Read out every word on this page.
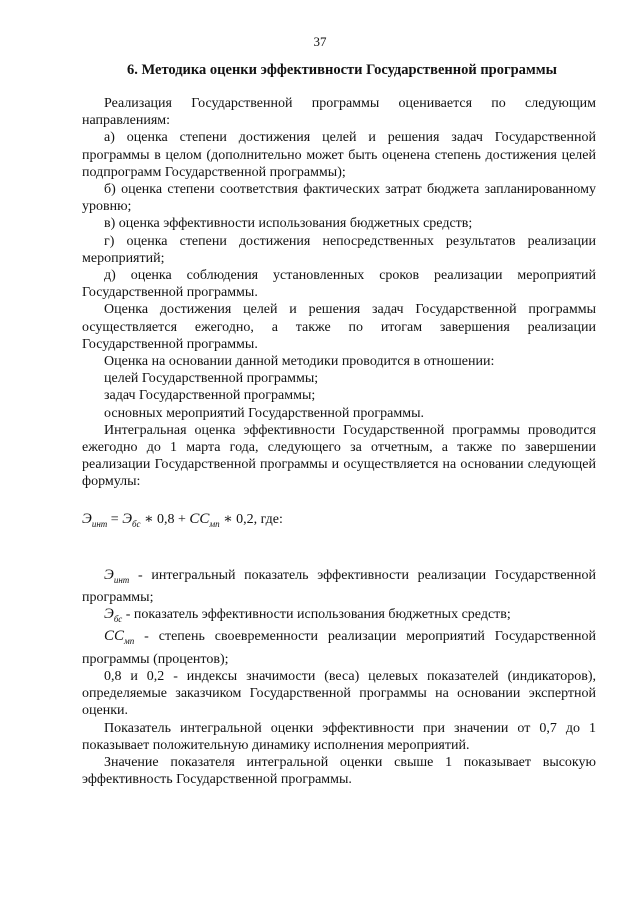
37
6. Методика оценки эффективности Государственной программы

Реализация Государственной программы оценивается по следующим направлениям:

а) оценка степени достижения целей и решения задач Государственной программы в целом (дополнительно может быть оценена степень достижения целей подпрограмм Государственной программы);

б) оценка степени соответствия фактических затрат бюджета запланированному уровню;

в) оценка эффективности использования бюджетных средств;

г) оценка степени достижения непосредственных результатов реализации мероприятий;

д) оценка соблюдения установленных сроков реализации мероприятий Государственной программы.

Оценка достижения целей и решения задач Государственной программы осуществляется ежегодно, а также по итогам завершения реализации Государственной программы.

Оценка на основании данной методики проводится в отношении:

целей Государственной программы;

задач Государственной программы;

основных мероприятий Государственной программы.

Интегральная оценка эффективности Государственной программы проводится ежегодно до 1 марта года, следующего за отчетным, а также по завершении реализации Государственной программы и осуществляется на основании следующей формулы:

$Э_{инт} = Э_{бс}$ ∗ $0,8 + СС_{мп}$ ∗ 0,2, где:

$Э_{инт}$ - интегральный показатель эффективности реализации Государственной программы;

$Э_{бс}$ - показатель эффективности использования бюджетных средств;

$СС_{мп}$ - степень своевременности реализации мероприятий Государственной программы (процентов);

0,8 и 0,2 - индексы значимости (веса) целевых показателей (индикаторов), определяемые заказчиком Государственной программы на основании экспертной оценки.

Показатель интегральной оценки эффективности при значении от 0,7 до 1 показывает положительную динамику исполнения мероприятий.

Значение показателя интегральной оценки свыше 1 показывает высокую эффективность Государственной программы.
